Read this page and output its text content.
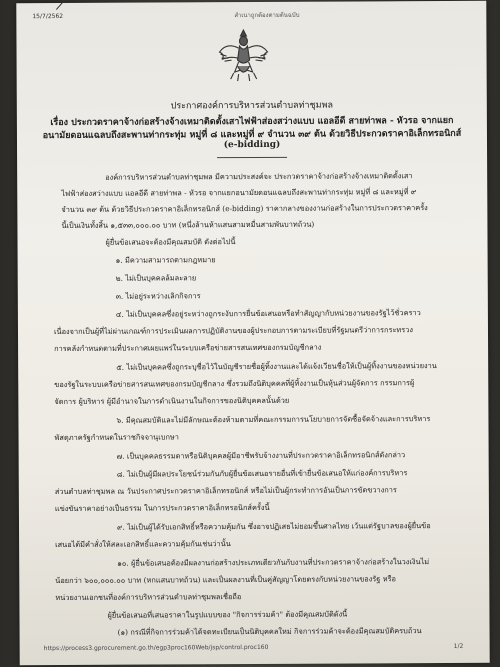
15/7/2562	สำเนาถูกต้องตามต้นฉบับ
ประกาศองค์การบริหารส่วนตำบลท่าชุมพล
เรื่อง ประกวดราคาจ้างก่อสร้างจ้างเหมาติดตั้งเสาไฟฟ้าส่องสว่างแบบ แอลอีดี สายท่าพล - หัวรอ จากแยก
อนามัยดอนแฉลบถึงสะพานท่ากระทุ่ม หมู่ที่ ๘ และหมู่ที่ ๙ จำนวน ๓๙ ต้น ด้วยวิธีประกวดราคาอิเล็กทรอนิกส์
(e-bidding)
องค์การบริหารส่วนตำบลท่าชุมพล มีความประสงค์จะ ประกวดราคาจ้างก่อสร้างจ้างเหมาติดตั้งเสา
ไฟฟ้าส่องสว่างแบบ แอลอีดี สายท่าพล - หัวรอ จากแยกอนามัยดอนแฉลบถึงสะพานท่ากระทุ่ม หมู่ที่ ๘ และหมู่ที่ ๙
จำนวน ๓๙ ต้น ด้วยวิธีประกวดราคาอิเล็กทรอนิกส์ (e-bidding) ราคากลางของงานก่อสร้างในการประกวดราคาครั้ง
นี้เป็นเงินทั้งสิ้น ๑,๕๓๓,๐๐๐.๐๐ บาท (หนึ่งล้านห้าแสนสามหมื่นสามพันบาทถ้วน)
ผู้ยื่นข้อเสนอจะต้องมีคุณสมบัติ ดังต่อไปนี้
๑. มีความสามารถตามกฎหมาย
๒. ไม่เป็นบุคคลล้มละลาย
๓. ไม่อยู่ระหว่างเลิกกิจการ
๔. ไม่เป็นบุคคลซึ่งอยู่ระหว่างถูกระงับการยื่นข้อเสนอหรือทำสัญญากับหน่วยงานของรัฐไว้ชั่วคราว
เนื่องจากเป็นผู้ที่ไม่ผ่านเกณฑ์การประเมินผลการปฏิบัติงานของผู้ประกอบการตามระเบียบที่รัฐมนตรีว่าการกระทรวง
การคลังกำหนดตามที่ประกาศเผยแพร่ในระบบเครือข่ายสารสนเทศของกรมบัญชีกลาง
๕. ไม่เป็นบุคคลซึ่งถูกระบุชื่อไว้ในบัญชีรายชื่อผู้ทิ้งงานและได้แจ้งเวียนชื่อให้เป็นผู้ทิ้งงานของหน่วยงาน
ของรัฐในระบบเครือข่ายสารสนเทศของกรมบัญชีกลาง ซึ่งรวมถึงนิติบุคคลที่ผู้ทิ้งงานเป็นหุ้นส่วนผู้จัดการ กรรมการผู้
จัดการ ผู้บริหาร ผู้มีอำนาจในการดำเนินงานในกิจการของนิติบุคคลนั้นด้วย
๖. มีคุณสมบัติและไม่มีลักษณะต้องห้ามตามที่คณะกรรมการนโยบายการจัดซื้อจัดจ้างและการบริหาร
พัสดุภาครัฐกำหนดในราชกิจจานุเบกษา
๗. เป็นบุคคลธรรมดาหรือนิติบุคคลผู้มีอาชีพรับจ้างงานที่ประกวดราคาอิเล็กทรอนิกส์ดังกล่าว
๘. ไม่เป็นผู้มีผลประโยชน์ร่วมกันกับผู้ยื่นข้อเสนอรายอื่นที่เข้ายื่นข้อเสนอให้แก่องค์การบริหาร
ส่วนตำบลท่าชุมพล ณ วันประกาศประกวดราคาอิเล็กทรอนิกส์ หรือไม่เป็นผู้กระทำการอันเป็นการขัดขวางการ
แข่งขันราคาอย่างเป็นธรรม ในการประกวดราคาอิเล็กทรอนิกส์ครั้งนี้
๙. ไม่เป็นผู้ได้รับเอกสิทธิ์หรือความคุ้มกัน ซึ่งอาจปฏิเสธไม่ยอมขึ้นศาลไทย เว้นแต่รัฐบาลของผู้ยื่นข้อ
เสนอได้มีคำสั่งให้สละเอกสิทธิ์และความคุ้มกันเช่นว่านั้น
๑๐. ผู้ยื่นข้อเสนอต้องมีผลงานก่อสร้างประเภทเดียวกันกับงานที่ประกวดราคาจ้างก่อสร้างในวงเงินไม่
น้อยกว่า ๖๐๐,๐๐๐.๐๐ บาท (หกแสนบาทถ้วน) และเป็นผลงานที่เป็นคู่สัญญาโดยตรงกับหน่วยงานของรัฐ หรือ
หน่วยงานเอกชนที่องค์การบริหารส่วนตำบลท่าชุมพลเชื่อถือ
ผู้ยื่นข้อเสนอที่เสนอราคาในรูปแบบของ "กิจการร่วมค้า" ต้องมีคุณสมบัติดังนี้
(๑) กรณีที่กิจการร่วมค้าได้จดทะเบียนเป็นนิติบุคคลใหม่ กิจการร่วมค้าจะต้องมีคุณสมบัติครบถ้วน
https://process3.gprocurement.go.th/egp3proc160Web/jsp/control.proc160	1/2
